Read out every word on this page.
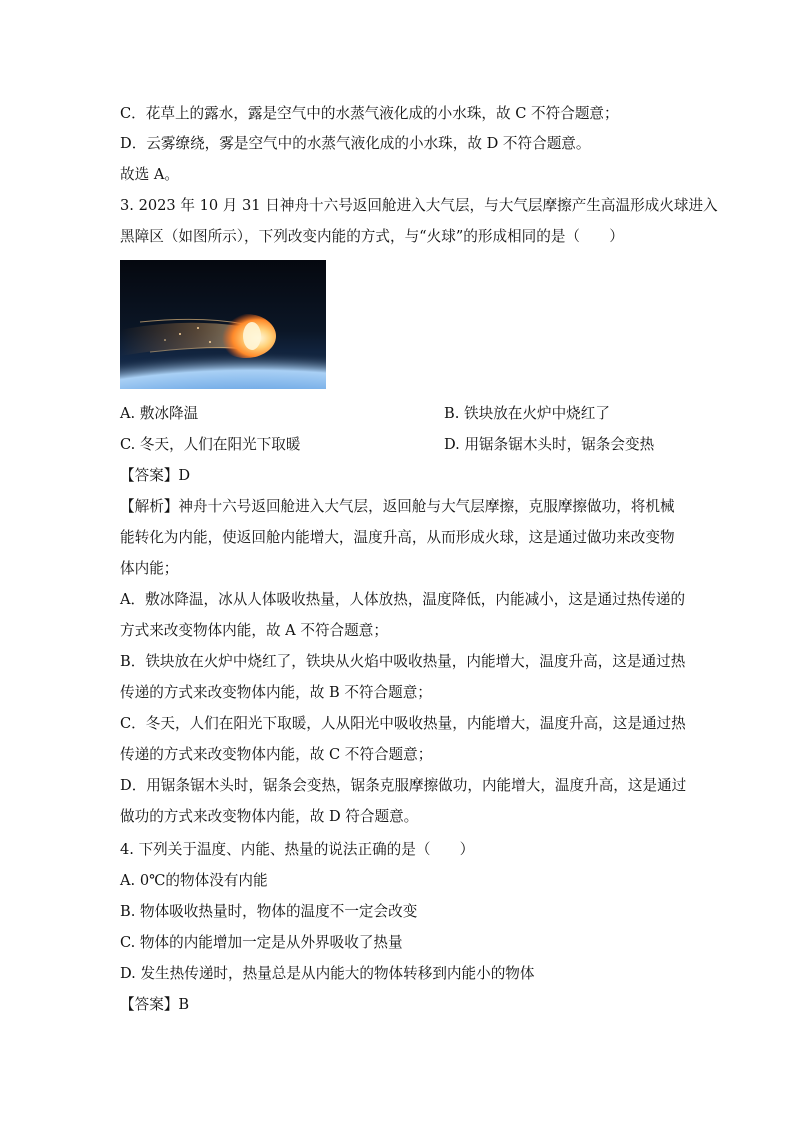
C．花草上的露水，露是空气中的水蒸气液化成的小水珠，故 C 不符合题意；
D．云雾缭绕，雾是空气中的水蒸气液化成的小水珠，故 D 不符合题意。
故选 A。
3. 2023 年 10 月 31 日神舟十六号返回舱进入大气层，与大气层摩擦产生高温形成火球进入
黑障区（如图所示），下列改变内能的方式，与“火球”的形成相同的是（　　）
A. 敷冰降温	B. 铁块放在火炉中烧红了
C. 冬天，人们在阳光下取暖	D. 用锯条锯木头时，锯条会变热
【答案】D
【解析】神舟十六号返回舱进入大气层，返回舱与大气层摩擦，克服摩擦做功，将机械
能转化为内能，使返回舱内能增大，温度升高，从而形成火球，这是通过做功来改变物
体内能；
A．敷冰降温，冰从人体吸收热量，人体放热，温度降低，内能减小，这是通过热传递的
方式来改变物体内能，故 A 不符合题意；
B．铁块放在火炉中烧红了，铁块从火焰中吸收热量，内能增大，温度升高，这是通过热
传递的方式来改变物体内能，故 B 不符合题意；
C．冬天，人们在阳光下取暖，人从阳光中吸收热量，内能增大，温度升高，这是通过热
传递的方式来改变物体内能，故 C 不符合题意；
D．用锯条锯木头时，锯条会变热，锯条克服摩擦做功，内能增大，温度升高，这是通过
做功的方式来改变物体内能，故 D 符合题意。
4. 下列关于温度、内能、热量的说法正确的是（　　）
A. 0℃的物体没有内能
B. 物体吸收热量时，物体的温度不一定会改变
C. 物体的内能增加一定是从外界吸收了热量
D. 发生热传递时，热量总是从内能大的物体转移到内能小的物体
【答案】B
